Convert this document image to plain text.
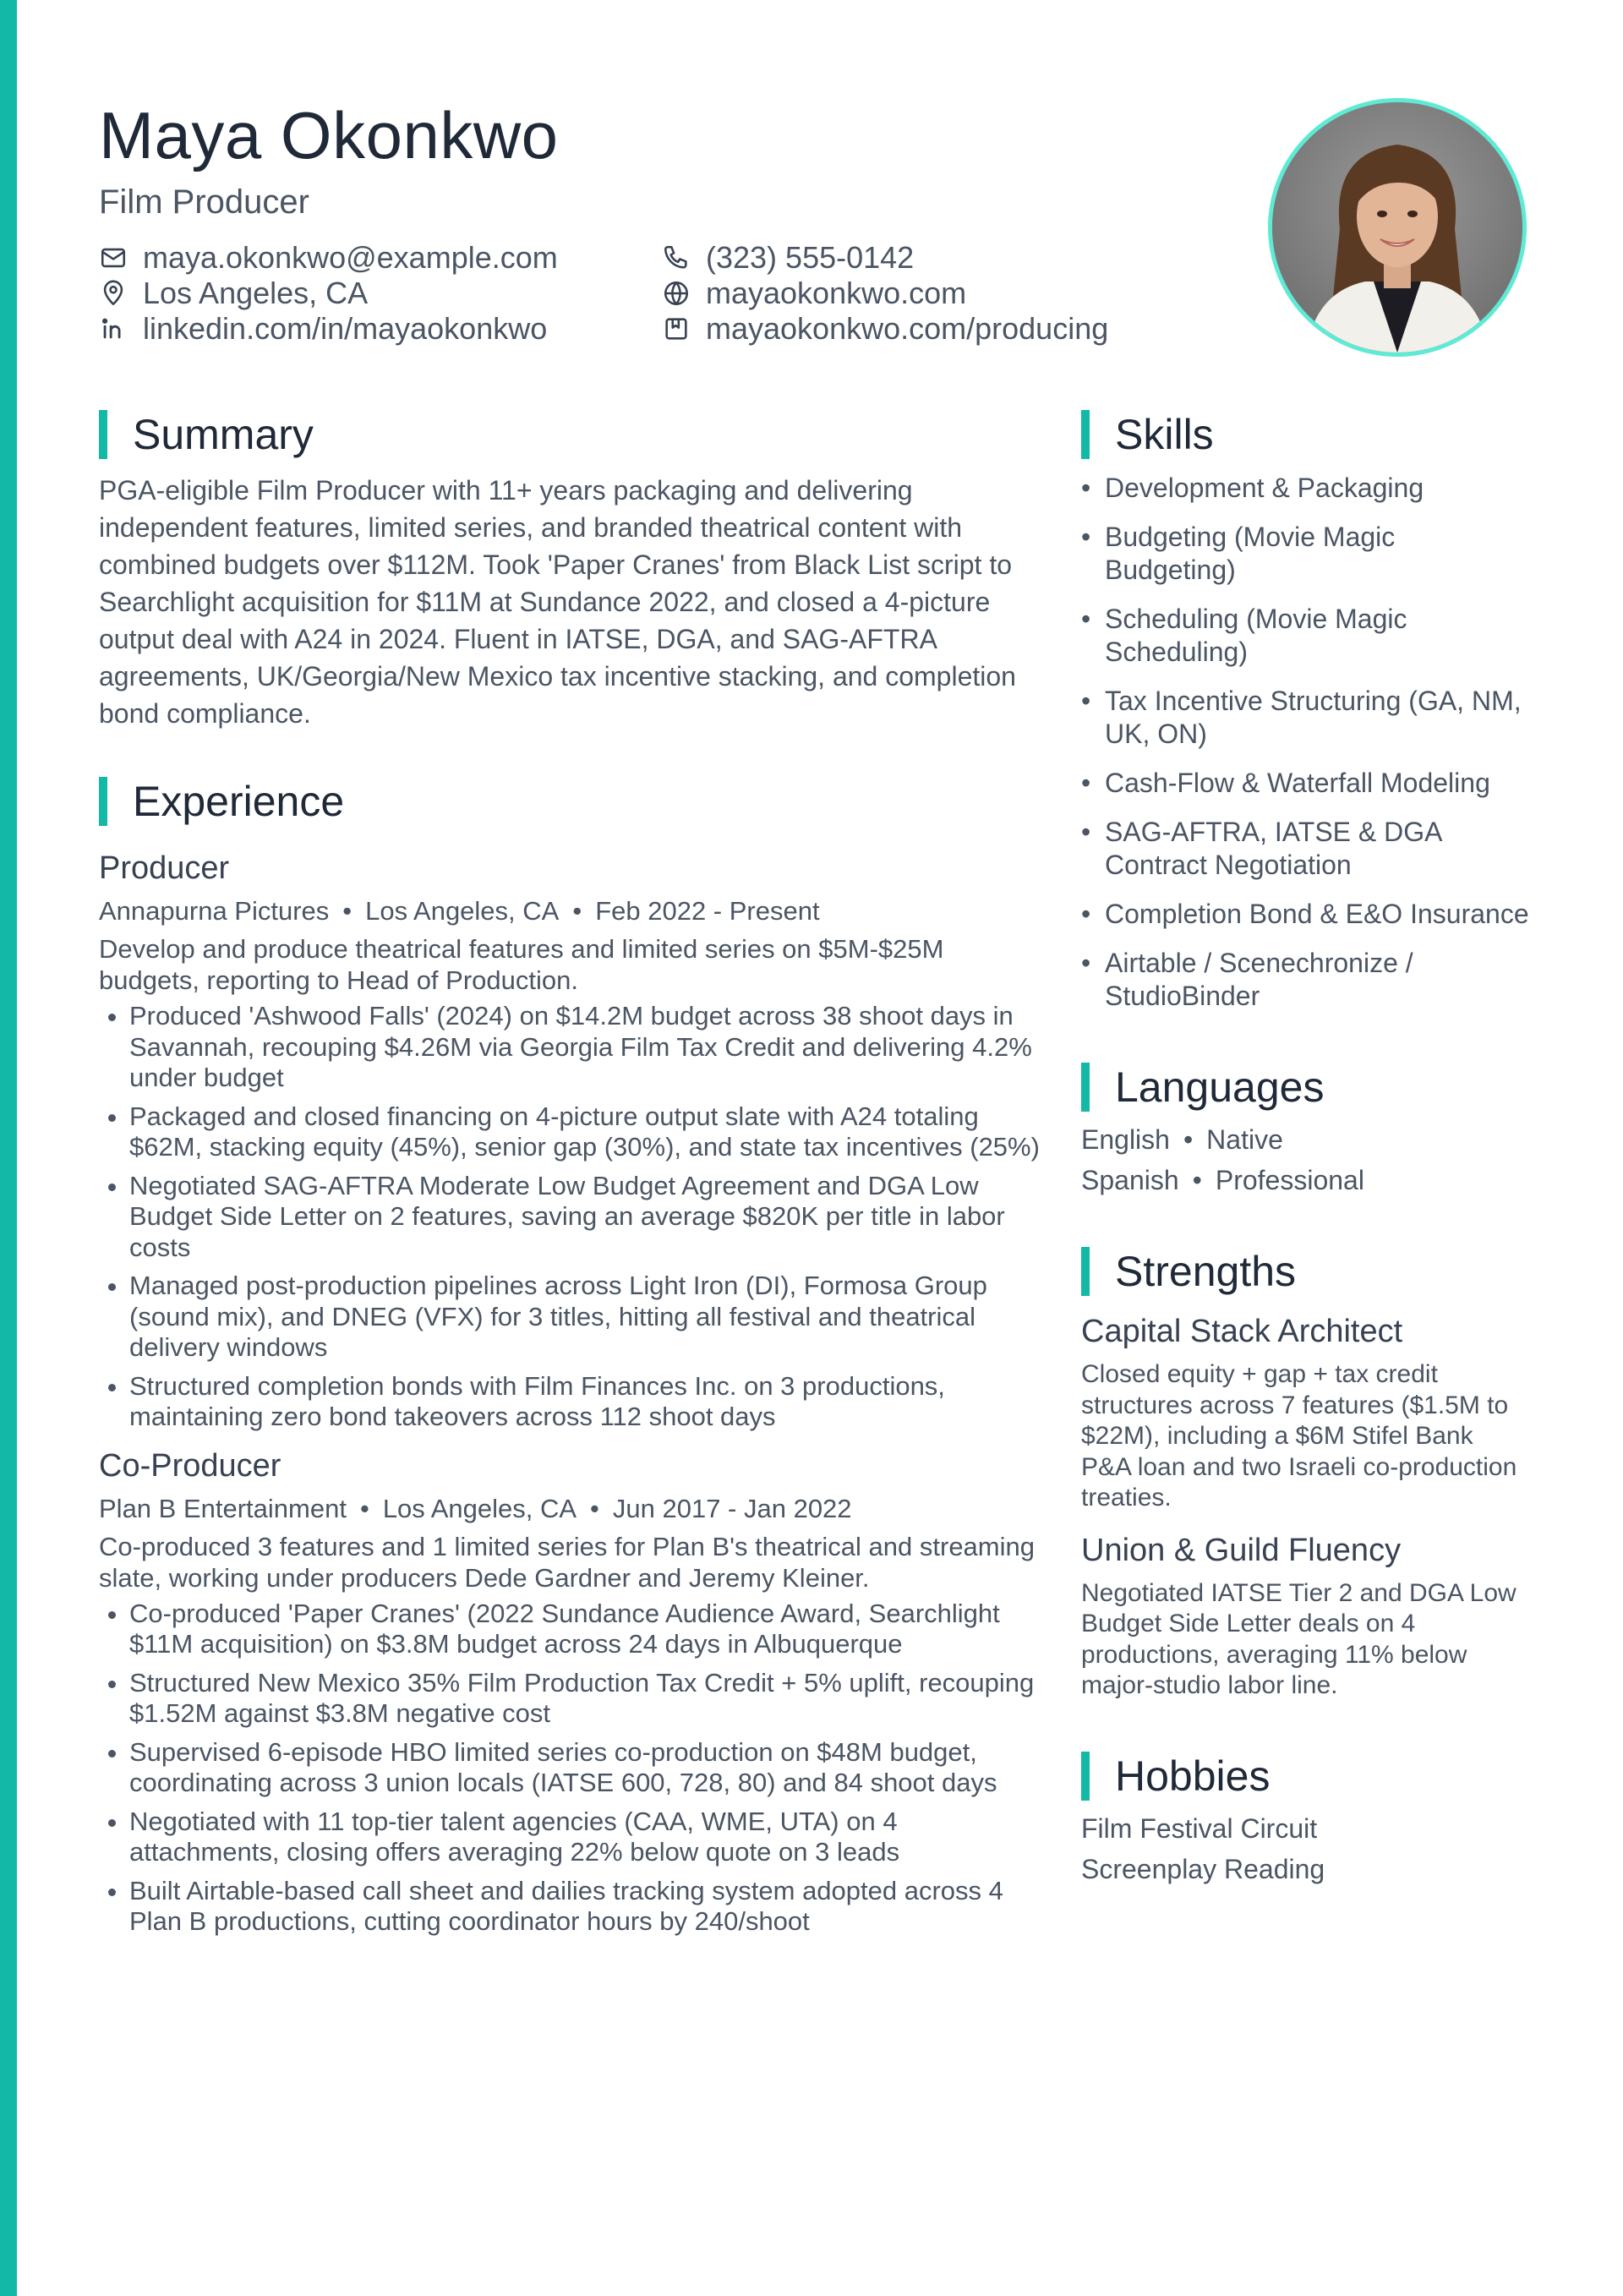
Maya Okonkwo
Film Producer
maya.okonkwo@example.com	(323) 555-0142
Los Angeles, CA	mayaokonkwo.com
linkedin.com/in/mayaokonkwo	mayaokonkwo.com/producing
Summary

PGA-eligible Film Producer with 11+ years packaging and delivering independent features, limited series, and branded theatrical content with combined budgets over $112M. Took 'Paper Cranes' from Black List script to Searchlight acquisition for $11M at Sundance 2022, and closed a 4-picture output deal with A24 in 2024. Fluent in IATSE, DGA, and SAG-AFTRA agreements, UK/Georgia/New Mexico tax incentive stacking, and completion bond compliance.

Experience
Producer
Annapurna Pictures • Los Angeles, CA • Feb 2022 - Present

Develop and produce theatrical features and limited series on $5M-$25M budgets, reporting to Head of Production.

• Produced 'Ashwood Falls' (2024) on $14.2M budget across 38 shoot days in Savannah, recouping $4.26M via Georgia Film Tax Credit and delivering 4.2% under budget
• Packaged and closed financing on 4-picture output slate with A24 totaling $62M, stacking equity (45%), senior gap (30%), and state tax incentives (25%)
• Negotiated SAG-AFTRA Moderate Low Budget Agreement and DGA Low Budget Side Letter on 2 features, saving an average $820K per title in labor costs
• Managed post-production pipelines across Light Iron (DI), Formosa Group (sound mix), and DNEG (VFX) for 3 titles, hitting all festival and theatrical delivery windows
• Structured completion bonds with Film Finances Inc. on 3 productions, maintaining zero bond takeovers across 112 shoot days
Co-Producer
Plan B Entertainment • Los Angeles, CA • Jun 2017 - Jan 2022

Co-produced 3 features and 1 limited series for Plan B's theatrical and streaming slate, working under producers Dede Gardner and Jeremy Kleiner.

• Co-produced 'Paper Cranes' (2022 Sundance Audience Award, Searchlight $11M acquisition) on $3.8M budget across 24 days in Albuquerque
• Structured New Mexico 35% Film Production Tax Credit + 5% uplift, recouping $1.52M against $3.8M negative cost
• Supervised 6-episode HBO limited series co-production on $48M budget, coordinating across 3 union locals (IATSE 600, 728, 80) and 84 shoot days
• Negotiated with 11 top-tier talent agencies (CAA, WME, UTA) on 4 attachments, closing offers averaging 22% below quote on 3 leads
• Built Airtable-based call sheet and dailies tracking system adopted across 4 Plan B productions, cutting coordinator hours by 240/shoot
Skills
• Development & Packaging
• Budgeting (Movie Magic Budgeting)
• Scheduling (Movie Magic Scheduling)
• Tax Incentive Structuring (GA, NM, UK, ON)
• Cash-Flow & Waterfall Modeling
• SAG-AFTRA, IATSE & DGA Contract Negotiation
• Completion Bond & E&O Insurance
• Airtable / Scenechronize / StudioBinder
Languages
English • Native
Spanish • Professional
Strengths
Capital Stack Architect

Closed equity + gap + tax credit structures across 7 features ($1.5M to $22M), including a $6M Stifel Bank P&A loan and two Israeli co-production treaties.

Union & Guild Fluency

Negotiated IATSE Tier 2 and DGA Low Budget Side Letter deals on 4 productions, averaging 11% below major-studio labor line.

Hobbies
Film Festival Circuit
Screenplay Reading
